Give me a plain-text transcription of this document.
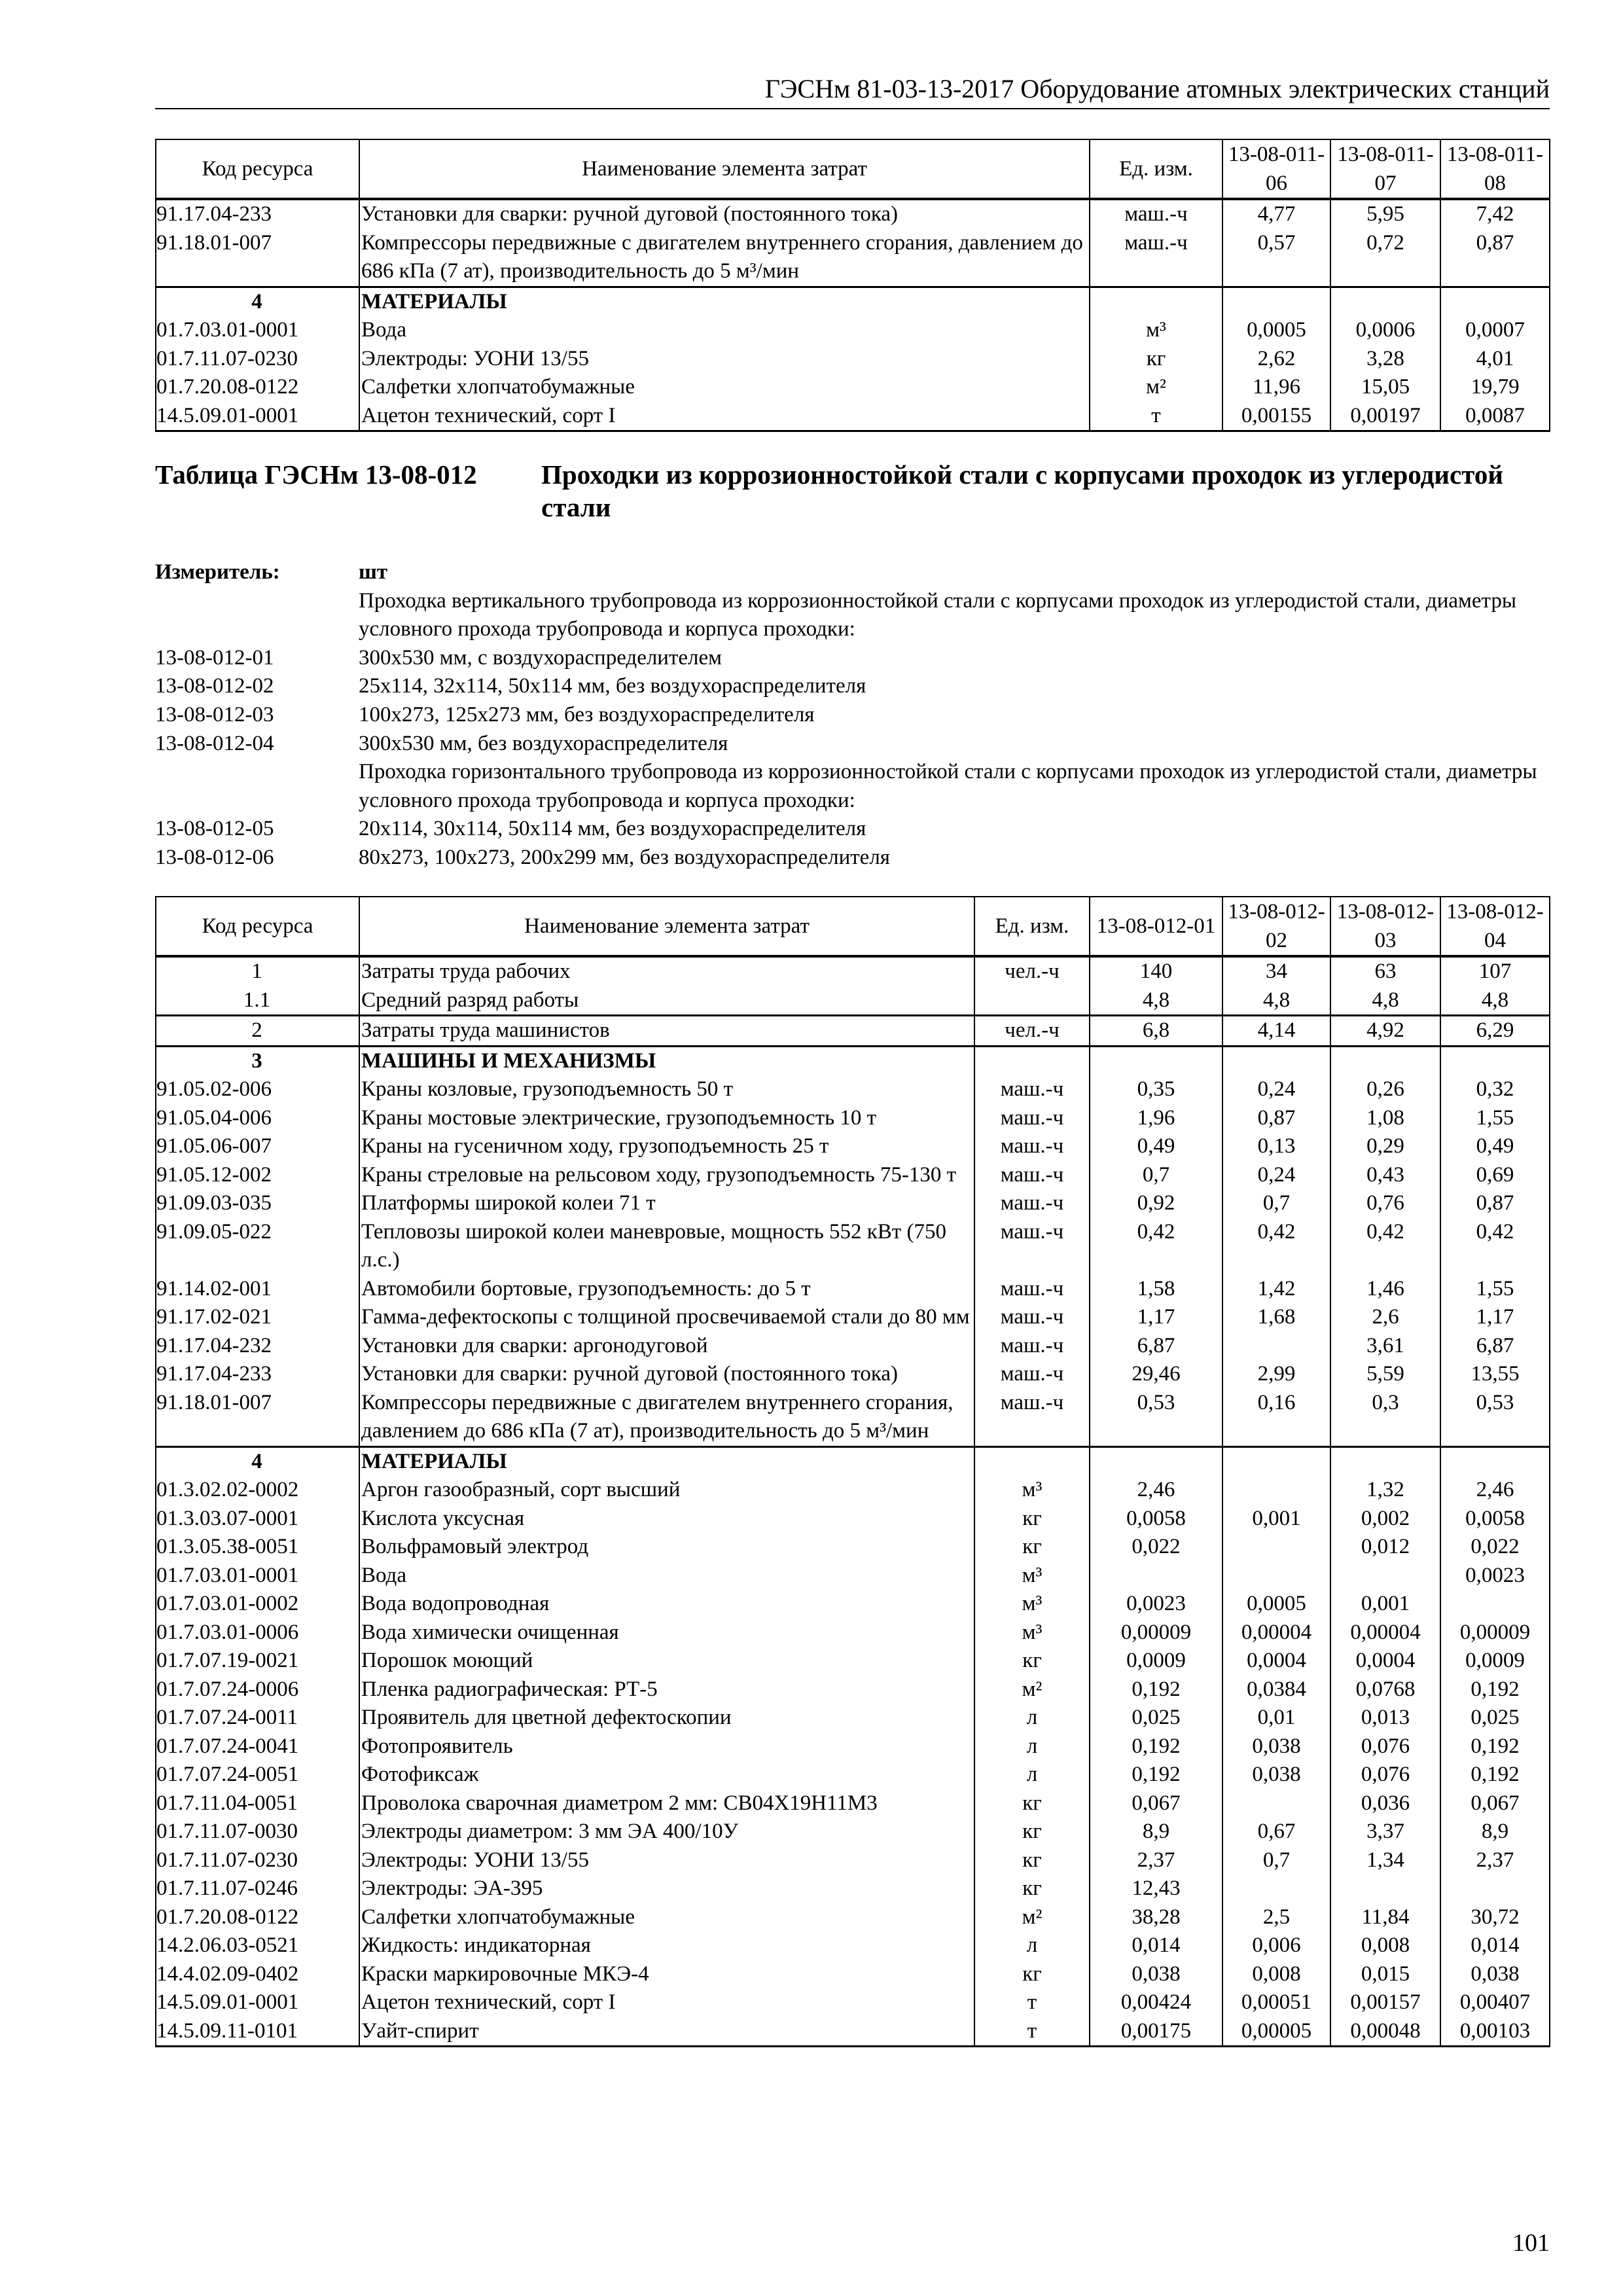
ГЭСНм 81-03-13-2017 Оборудование атомных электрических станций
Код ресурса	Наименование элемента затрат	Ед. изм.	13-08-011-06	13-08-011-07	13-08-011-08
91.17.04-233	Установки для сварки: ручной дуговой (постоянного тока)	маш.-ч	4,77	5,95	7,42
91.18.01-007	Компрессоры передвижные с двигателем внутреннего сгорания, давлением до 686 кПа (7 ат), производительность до 5 м³/мин	маш.-ч	0,57	0,72	0,87
4	МАТЕРИАЛЫ				
01.7.03.01-0001	Вода	м³	0,0005	0,0006	0,0007
01.7.11.07-0230	Электроды: УОНИ 13/55	кг	2,62	3,28	4,01
01.7.20.08-0122	Салфетки хлопчатобумажные	м²	11,96	15,05	19,79
14.5.09.01-0001	Ацетон технический, сорт I	т	0,00155	0,00197	0,0087
Таблица ГЭСНм 13-08-012 Проходки из коррозионностойкой стали с корпусами проходок из углеродистой стали
Измеритель:	шт
Проходка вертикального трубопровода из коррозионностойкой стали с корпусами проходок из углеродистой стали, диаметры условного прохода трубопровода и корпуса проходки:
13-08-012-01	300x530 мм, с воздухораспределителем
13-08-012-02	25x114, 32x114, 50x114 мм, без воздухораспределителя
13-08-012-03	100x273, 125x273 мм, без воздухораспределителя
13-08-012-04	300x530 мм, без воздухораспределителя
Проходка горизонтального трубопровода из коррозионностойкой стали с корпусами проходок из углеродистой стали, диаметры условного прохода трубопровода и корпуса проходки:
13-08-012-05	20x114, 30x114, 50x114 мм, без воздухораспределителя
13-08-012-06	80x273, 100x273, 200x299 мм, без воздухораспределителя
Код ресурса	Наименование элемента затрат	Ед. изм.	13-08-012-01	13-08-012-02	13-08-012-03	13-08-012-04
1	Затраты труда рабочих	чел.-ч	140	34	63	107
1.1	Средний разряд работы		4,8	4,8	4,8	4,8
2	Затраты труда машинистов	чел.-ч	6,8	4,14	4,92	6,29
3	МАШИНЫ И МЕХАНИЗМЫ					
91.05.02-006	Краны козловые, грузоподъемность 50 т	маш.-ч	0,35	0,24	0,26	0,32
91.05.04-006	Краны мостовые электрические, грузоподъемность 10 т	маш.-ч	1,96	0,87	1,08	1,55
91.05.06-007	Краны на гусеничном ходу, грузоподъемность 25 т	маш.-ч	0,49	0,13	0,29	0,49
91.05.12-002	Краны стреловые на рельсовом ходу, грузоподъемность 75-130 т	маш.-ч	0,7	0,24	0,43	0,69
91.09.03-035	Платформы широкой колеи 71 т	маш.-ч	0,92	0,7	0,76	0,87
91.09.05-022	Тепловозы широкой колеи маневровые, мощность 552 кВт (750 л.с.)	маш.-ч	0,42	0,42	0,42	0,42
91.14.02-001	Автомобили бортовые, грузоподъемность: до 5 т	маш.-ч	1,58	1,42	1,46	1,55
91.17.02-021	Гамма-дефектоскопы с толщиной просвечиваемой стали до 80 мм	маш.-ч	1,17	1,68	2,6	1,17
91.17.04-232	Установки для сварки: аргонодуговой	маш.-ч	6,87		3,61	6,87
91.17.04-233	Установки для сварки: ручной дуговой (постоянного тока)	маш.-ч	29,46	2,99	5,59	13,55
91.18.01-007	Компрессоры передвижные с двигателем внутреннего сгорания, давлением до 686 кПа (7 ат), производительность до 5 м³/мин	маш.-ч	0,53	0,16	0,3	0,53
4	МАТЕРИАЛЫ					
01.3.02.02-0002	Аргон газообразный, сорт высший	м³	2,46		1,32	2,46
01.3.03.07-0001	Кислота уксусная	кг	0,0058	0,001	0,002	0,0058
01.3.05.38-0051	Вольфрамовый электрод	кг	0,022		0,012	0,022
01.7.03.01-0001	Вода	м³				0,0023
01.7.03.01-0002	Вода водопроводная	м³	0,0023	0,0005	0,001	
01.7.03.01-0006	Вода химически очищенная	м³	0,00009	0,00004	0,00004	0,00009
01.7.07.19-0021	Порошок моющий	кг	0,0009	0,0004	0,0004	0,0009
01.7.07.24-0006	Пленка радиографическая: РТ-5	м²	0,192	0,0384	0,0768	0,192
01.7.07.24-0011	Проявитель для цветной дефектоскопии	л	0,025	0,01	0,013	0,025
01.7.07.24-0041	Фотопроявитель	л	0,192	0,038	0,076	0,192
01.7.07.24-0051	Фотофиксаж	л	0,192	0,038	0,076	0,192
01.7.11.04-0051	Проволока сварочная диаметром 2 мм: СВ04Х19Н11М3	кг	0,067		0,036	0,067
01.7.11.07-0030	Электроды диаметром: 3 мм ЭА 400/10У	кг	8,9	0,67	3,37	8,9
01.7.11.07-0230	Электроды: УОНИ 13/55	кг	2,37	0,7	1,34	2,37
01.7.11.07-0246	Электроды: ЭА-395	кг	12,43			
01.7.20.08-0122	Салфетки хлопчатобумажные	м²	38,28	2,5	11,84	30,72
14.2.06.03-0521	Жидкость: индикаторная	л	0,014	0,006	0,008	0,014
14.4.02.09-0402	Краски маркировочные МКЭ-4	кг	0,038	0,008	0,015	0,038
14.5.09.01-0001	Ацетон технический, сорт I	т	0,00424	0,00051	0,00157	0,00407
14.5.09.11-0101	Уайт-спирит	т	0,00175	0,00005	0,00048	0,00103
101
